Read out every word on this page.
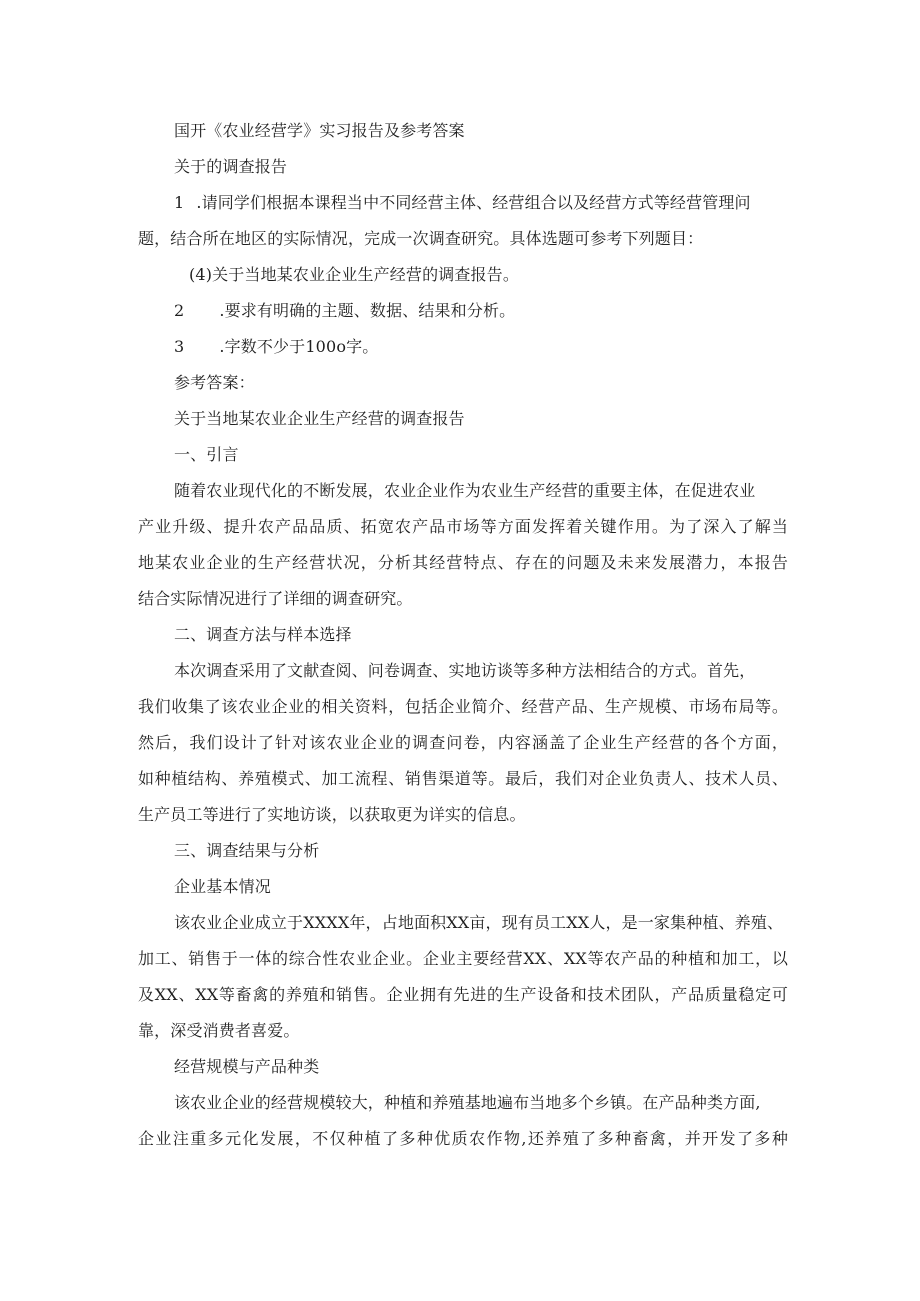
国开《农业经营学》实习报告及参考答案
关于的调查报告
1 .请同学们根据本课程当中不同经营主体、经营组合以及经营方式等经营管理问
题，结合所在地区的实际情况，完成一次调查研究。具体选题可参考下列题目：
(4)关于当地某农业企业生产经营的调查报告。
2 .要求有明确的主题、数据、结果和分析。
3 .字数不少于100o字。
参考答案：
关于当地某农业企业生产经营的调查报告
一、引言
随着农业现代化的不断发展，农业企业作为农业生产经营的重要主体，在促进农业
产业升级、提升农产品品质、拓宽农产品市场等方面发挥着关键作用。为了深入了解当
地某农业企业的生产经营状况，分析其经营特点、存在的问题及未来发展潜力，本报告
结合实际情况进行了详细的调查研究。
二、调查方法与样本选择
本次调查采用了文献查阅、问卷调查、实地访谈等多种方法相结合的方式。首先，
我们收集了该农业企业的相关资料，包括企业简介、经营产品、生产规模、市场布局等。
然后，我们设计了针对该农业企业的调查问卷，内容涵盖了企业生产经营的各个方面，
如种植结构、养殖模式、加工流程、销售渠道等。最后，我们对企业负责人、技术人员、
生产员工等进行了实地访谈，以获取更为详实的信息。
三、调查结果与分析
企业基本情况
该农业企业成立于XXXX年，占地面积XX亩，现有员工XX人，是一家集种植、养殖、
加工、销售于一体的综合性农业企业。企业主要经营XX、XX等农产品的种植和加工，以
及XX、XX等畜禽的养殖和销售。企业拥有先进的生产设备和技术团队，产品质量稳定可
靠，深受消费者喜爱。
经营规模与产品种类
该农业企业的经营规模较大，种植和养殖基地遍布当地多个乡镇。在产品种类方面,
企业注重多元化发展，不仅种植了多种优质农作物,还养殖了多种畜禽，并开发了多种
